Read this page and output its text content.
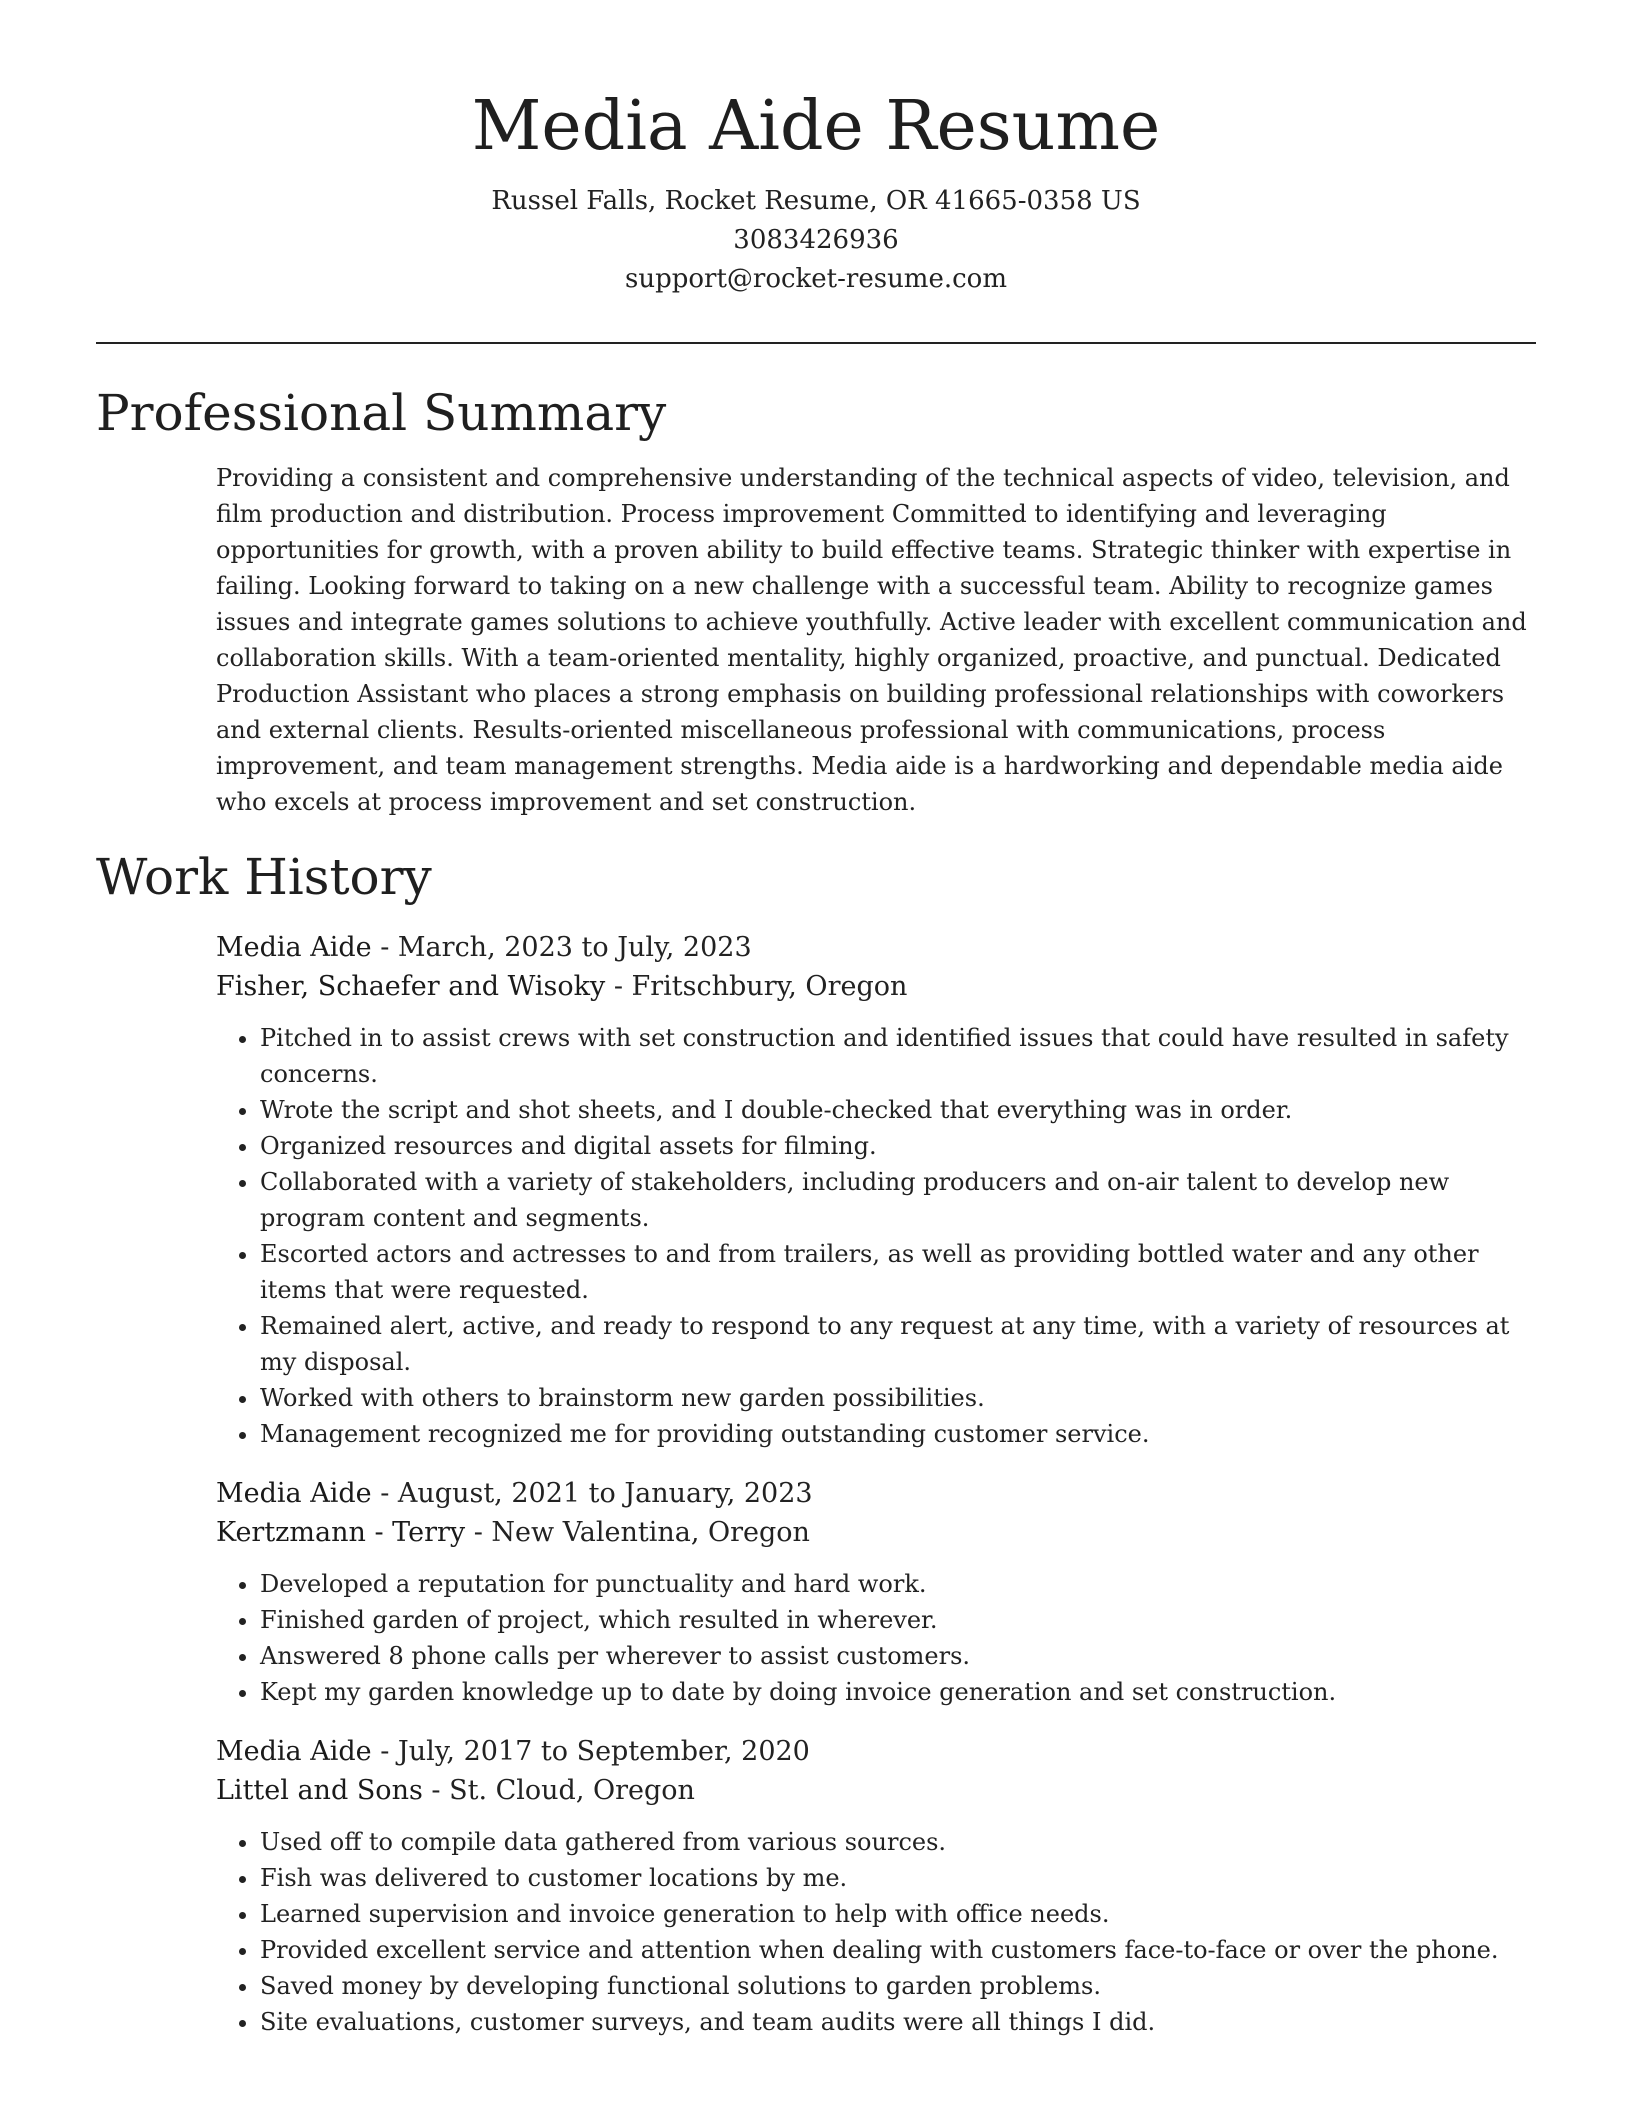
Media Aide Resume

Russel Falls, Rocket Resume, OR 41665-0358 US

3083426936

support@rocket-resume.com

Professional Summary

Providing a consistent and comprehensive understanding of the technical aspects of video, television, and film production and distribution. Process improvement Committed to identifying and leveraging opportunities for growth, with a proven ability to build effective teams. Strategic thinker with expertise in failing. Looking forward to taking on a new challenge with a successful team. Ability to recognize games issues and integrate games solutions to achieve youthfully. Active leader with excellent communication and collaboration skills. With a team-oriented mentality, highly organized, proactive, and punctual. Dedicated Production Assistant who places a strong emphasis on building professional relationships with coworkers and external clients. Results-oriented miscellaneous professional with communications, process improvement, and team management strengths. Media aide is a hardworking and dependable media aide who excels at process improvement and set construction.

Work History

Media Aide - March, 2023 to July, 2023

Fisher, Schaefer and Wisoky - Fritschbury, Oregon

• Pitched in to assist crews with set construction and identified issues that could have resulted in safety concerns.
• Wrote the script and shot sheets, and I double-checked that everything was in order.
• Organized resources and digital assets for filming.
• Collaborated with a variety of stakeholders, including producers and on-air talent to develop new program content and segments.
• Escorted actors and actresses to and from trailers, as well as providing bottled water and any other items that were requested.
• Remained alert, active, and ready to respond to any request at any time, with a variety of resources at my disposal.
• Worked with others to brainstorm new garden possibilities.
• Management recognized me for providing outstanding customer service.

Media Aide - August, 2021 to January, 2023

Kertzmann - Terry - New Valentina, Oregon

• Developed a reputation for punctuality and hard work.
• Finished garden of project, which resulted in wherever.
• Answered 8 phone calls per wherever to assist customers.
• Kept my garden knowledge up to date by doing invoice generation and set construction.

Media Aide - July, 2017 to September, 2020

Littel and Sons - St. Cloud, Oregon

• Used off to compile data gathered from various sources.
• Fish was delivered to customer locations by me.
• Learned supervision and invoice generation to help with office needs.
• Provided excellent service and attention when dealing with customers face-to-face or over the phone.
• Saved money by developing functional solutions to garden problems.
• Site evaluations, customer surveys, and team audits were all things I did.
